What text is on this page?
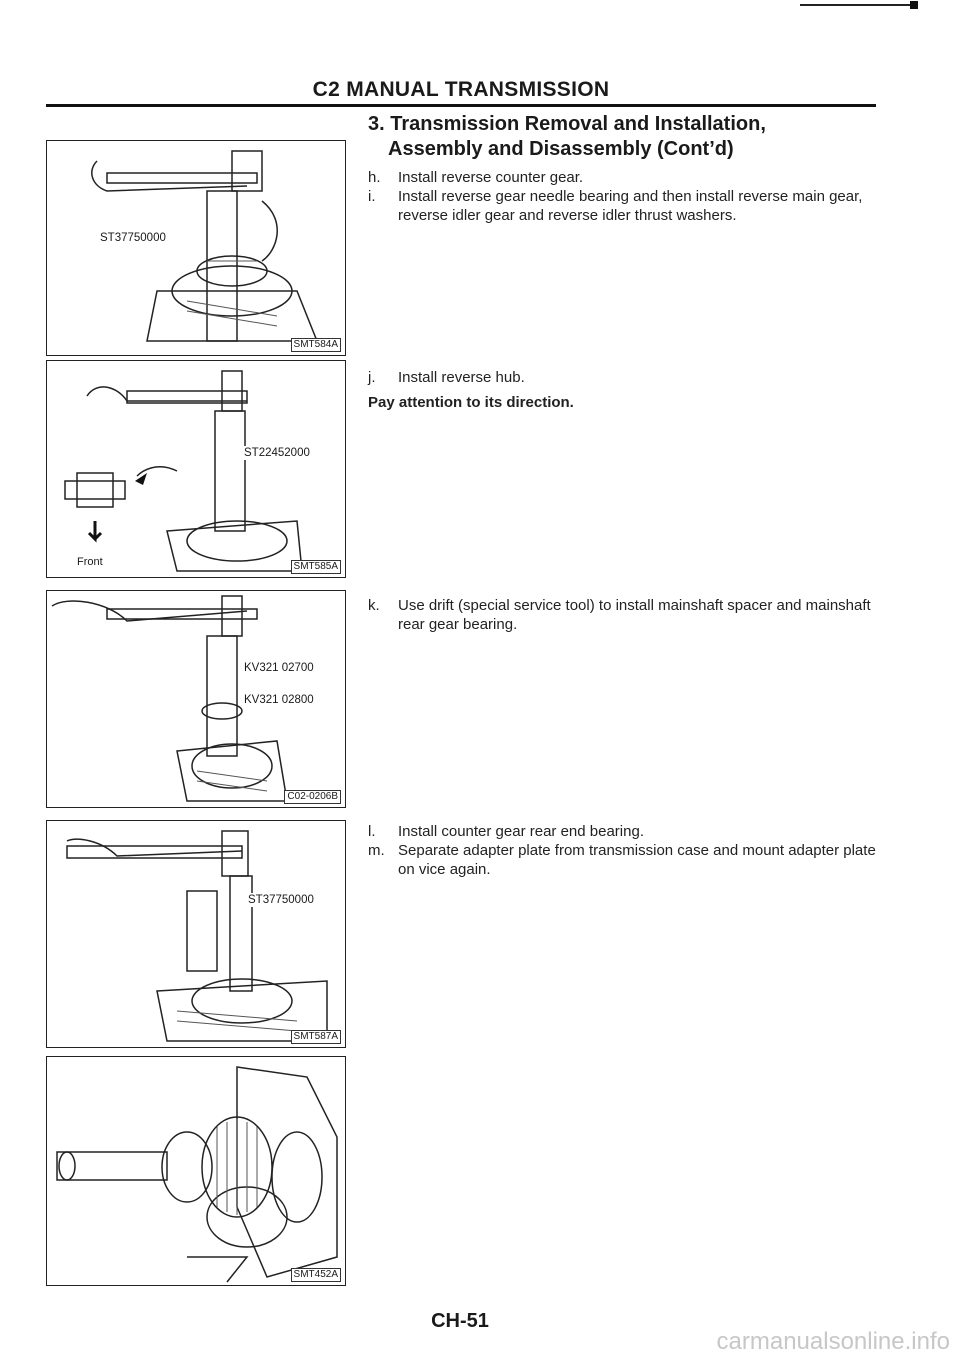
C2 MANUAL TRANSMISSION
3. Transmission Removal and Installation,
Assembly and Disassembly (Cont’d)
ST37750000
SMT584A
ST22452000
Front	SMT585A
KV321 02700
KV321 02800
C02-0206B
ST37750000
SMT587A
SMT452A
h. Install reverse counter gear.
i. Install reverse gear needle bearing and then install reverse main gear, reverse idler gear and reverse idler thrust washers.
j. Install reverse hub.
Pay attention to its direction.
k. Use drift (special service tool) to install mainshaft spacer and mainshaft rear gear bearing.
l. Install counter gear rear end bearing.
m. Separate adapter plate from transmission case and mount adapter plate on vice again.
CH-51
carmanualsonline.info
